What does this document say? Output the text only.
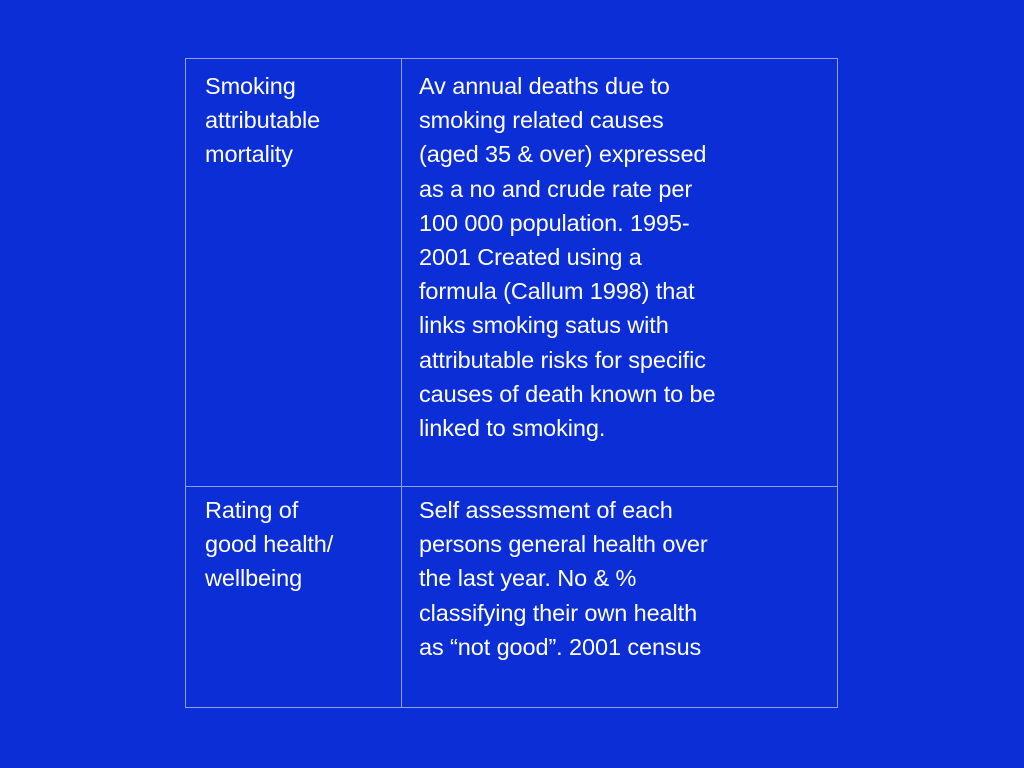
Smoking
attributable
mortality
Av annual deaths due to
smoking related causes
(aged 35 & over) expressed
as a no and crude rate per
100 000 population. 1995-
2001 Created using a
formula (Callum 1998) that
links smoking satus with
attributable risks for specific
causes of death known to be
linked to smoking.
Rating of
good health/
wellbeing
Self assessment of each
persons general health over
the last year. No & %
classifying their own health
as “not good”. 2001 census
